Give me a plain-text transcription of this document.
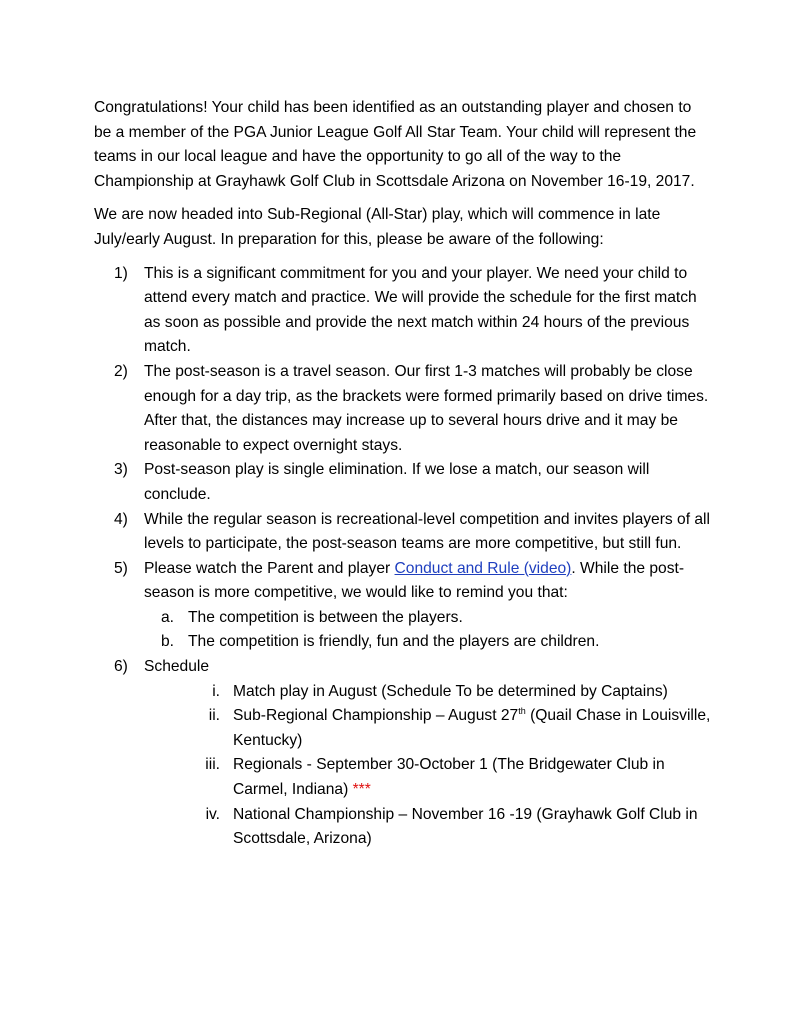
Congratulations! Your child has been identified as an outstanding player and chosen to be a member of the PGA Junior League Golf All Star Team. Your child will represent the teams in our local league and have the opportunity to go all of the way to the Championship at Grayhawk Golf Club in Scottsdale Arizona on November 16-19, 2017.

We are now headed into Sub-Regional (All-Star) play, which will commence in late July/early August. In preparation for this, please be aware of the following:

1) This is a significant commitment for you and your player. We need your child to attend every match and practice. We will provide the schedule for the first match as soon as possible and provide the next match within 24 hours of the previous match.
2) The post-season is a travel season. Our first 1-3 matches will probably be close enough for a day trip, as the brackets were formed primarily based on drive times. After that, the distances may increase up to several hours drive and it may be reasonable to expect overnight stays.
3) Post-season play is single elimination. If we lose a match, our season will conclude.
4) While the regular season is recreational-level competition and invites players of all levels to participate, the post-season teams are more competitive, but still fun.
5) Please watch the Parent and player Conduct and Rule (video). While the post-season is more competitive, we would like to remind you that:
a. The competition is between the players.
b. The competition is friendly, fun and the players are children.
6) Schedule
i. Match play in August (Schedule To be determined by Captains)
ii. Sub-Regional Championship – August 27th (Quail Chase in Louisville, Kentucky)
iii. Regionals - September 30-October 1 (The Bridgewater Club in Carmel, Indiana) ***
iv. National Championship – November 16 -19 (Grayhawk Golf Club in Scottsdale, Arizona)
